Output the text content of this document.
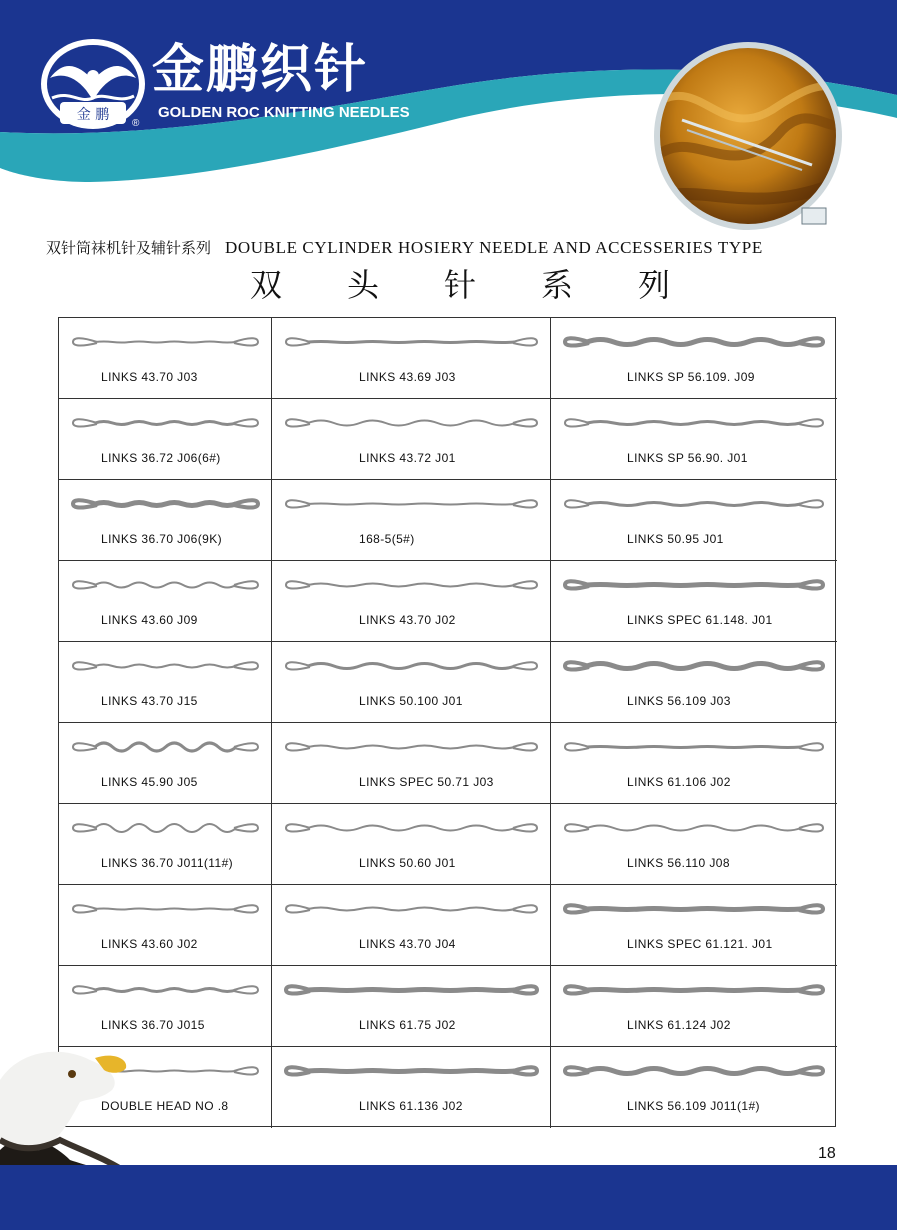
金 鹏
金鹏织针
®
GOLDEN ROC KNITTING NEEDLES
双针筒袜机针及辅针系列 DOUBLE CYLINDER HOSIERY NEEDLE AND ACCESSERIES TYPE
双 头 针 系 列
LINKS 43.70 J03	LINKS 43.69 J03	LINKS SP 56.109. J09
LINKS 36.72 J06(6#)	LINKS 43.72 J01	LINKS SP 56.90. J01
LINKS 36.70 J06(9K)	168-5(5#)	LINKS 50.95 J01
LINKS 43.60 J09	LINKS 43.70 J02	LINKS SPEC 61.148. J01
LINKS 43.70 J15	LINKS 50.100 J01	LINKS 56.109 J03
LINKS 45.90 J05	LINKS SPEC 50.71 J03	LINKS 61.106 J02
LINKS 36.70 J011(11#)	LINKS 50.60 J01	LINKS 56.110 J08
LINKS 43.60 J02	LINKS 43.70 J04	LINKS SPEC 61.121. J01
LINKS 36.70 J015	LINKS 61.75 J02	LINKS 61.124 J02
DOUBLE HEAD NO .8	LINKS 61.136 J02	LINKS 56.109 J011(1#)
18
